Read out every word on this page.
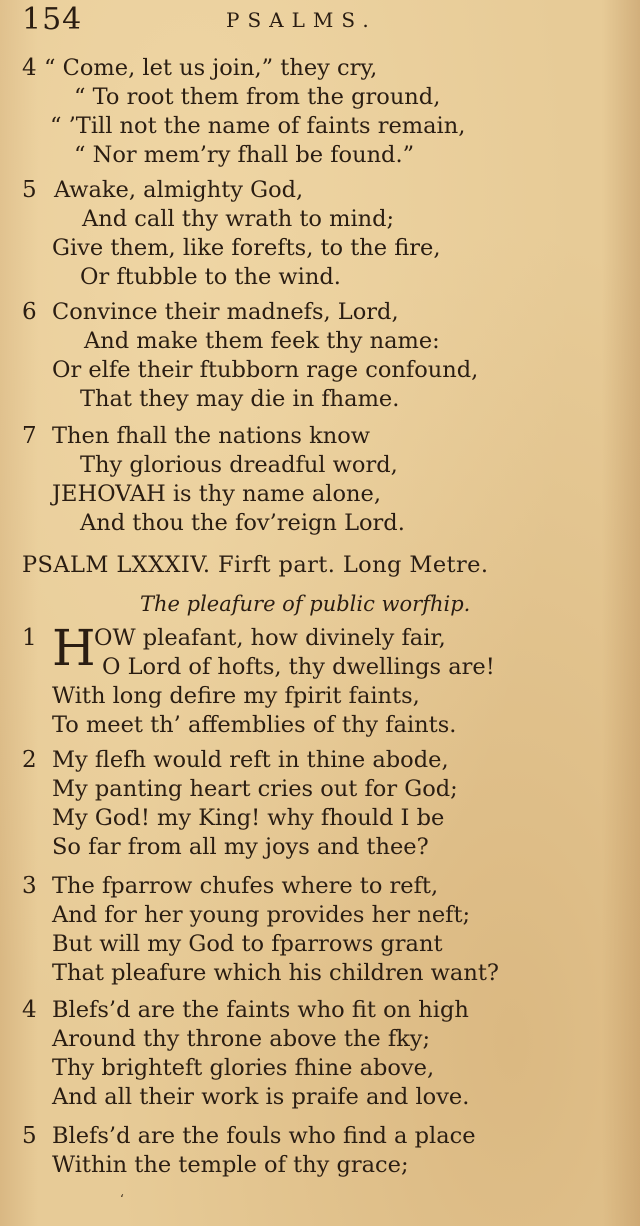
154	PSALMS.
4 “ Come, let us join,” they cry,
“ To root them from the ground,
“ ’Till not the name of faints remain,
“ Nor mem’ry fhall be found.”
5 Awake, almighty God,
And call thy wrath to mind;
Give them, like forefts, to the fire,
Or ftubble to the wind.
6 Convince their madnefs, Lord,
And make them feek thy name:
Or elfe their ftubborn rage confound,
That they may die in fhame.
7 Then fhall the nations know
Thy glorious dreadful word,
JEHOVAH is thy name alone,
And thou the fov’reign Lord.
PSALM LXXXIV. Firft part. Long Metre.
The pleafure of public worfhip.
H
1	OW pleafant, how divinely fair,
O Lord of hofts, thy dwellings are!
With long defire my fpirit faints,
To meet th’ affemblies of thy faints.
2 My flefh would reft in thine abode,
My panting heart cries out for God;
My God! my King! why fhould I be
So far from all my joys and thee?
3 The fparrow chufes where to reft,
And for her young provides her neft;
But will my God to fparrows grant
That pleafure which his children want?
4 Blefs’d are the faints who fit on high
Around thy throne above the fky;
Thy brighteft glories fhine above,
And all their work is praife and love.
5 Blefs’d are the fouls who find a place
Within the temple of thy grace;
‘
